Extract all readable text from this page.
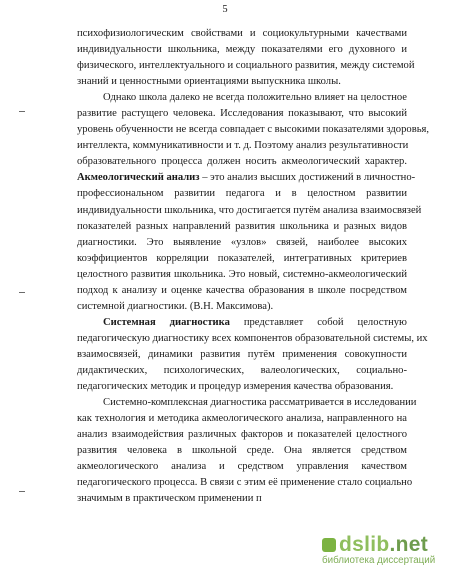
5
психофизиологическим свойствами и социокультурными качествами
индивидуальности школьника, между показателями его духовного и
физического, интеллектуального и социального развития, между системой
знаний и ценностными ориентациями выпускника школы.
Однако школа далеко не всегда положительно влияет на целостное
развитие растущего человека. Исследования показывают, что высокий
уровень обученности не всегда совпадает с высокими показателями здоровья,
интеллекта, коммуникативности и т. д. Поэтому анализ результативности
образовательного процесса должен носить акмеологический характер.
Акмеологический анализ – это анализ высших достижений в личностно-
профессиональном развитии педагога и в целостном развитии
индивидуальности школьника, что достигается путём анализа взаимосвязей
показателей разных направлений развития школьника и разных видов
диагностики. Это выявление «узлов» связей, наиболее высоких
коэффициентов корреляции показателей, интегративных критериев
целостного развития школьника. Это новый, системно-акмеологический
подход к анализу и оценке качества образования в школе посредством
системной диагностики. (В.Н. Максимова).
Системная диагностика представляет собой целостную
педагогическую диагностику всех компонентов образовательной системы, их
взаимосвязей, динамики развития путём применения совокупности
дидактических, психологических, валеологических, социально-
педагогических методик и процедур измерения качества образования.
Системно-комплексная диагностика рассматривается в исследовании
как технология и методика акмеологического анализа, направленного на
анализ взаимодействия различных факторов и показателей целостного
развития человека в школьной среде. Она является средством
акмеологического анализа и средством управления качеством
педагогического процесса. В связи с этим её применение стало социально
значимым в практическом применении п
dslib.net
библиотека диссертаций
